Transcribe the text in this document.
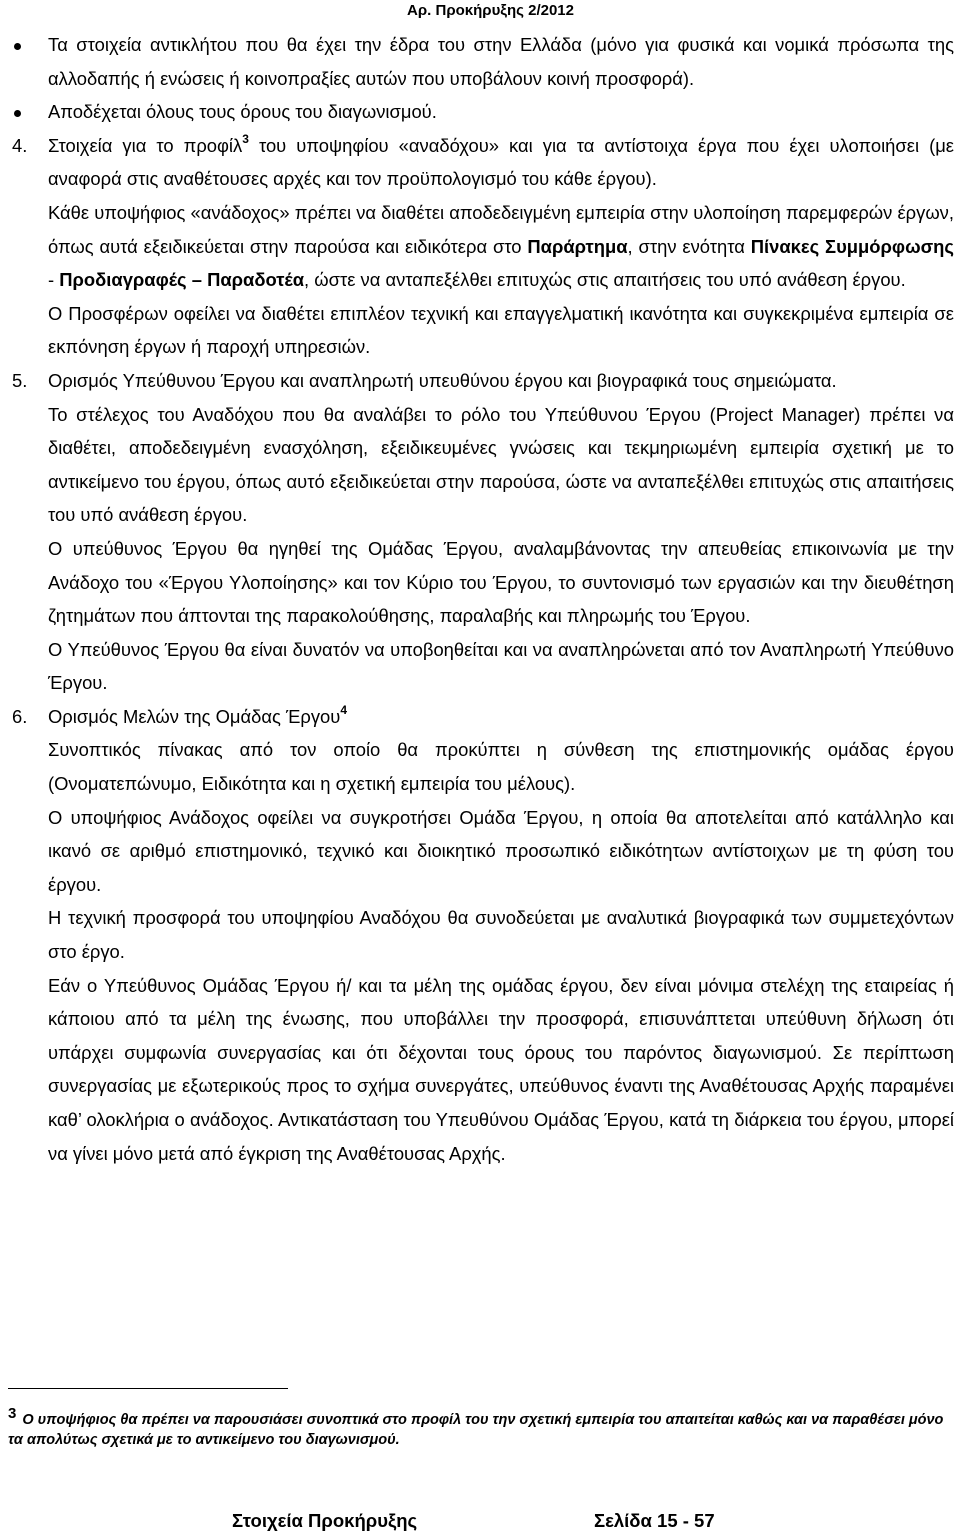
Αρ. Προκήρυξης 2/2012

Τα στοιχεία αντικλήτου που θα έχει την έδρα του στην Ελλάδα (μόνο για φυσικά και νομικά πρόσωπα της αλλοδαπής ή ενώσεις ή κοινοπραξίες αυτών που υποβάλουν κοινή προσφορά).

Αποδέχεται όλους τους όρους του διαγωνισμού.

4. Στοιχεία για το προφίλ$^3$ του υποψηφίου «αναδόχου» και για τα αντίστοιχα έργα που έχει υλοποιήσει (με αναφορά στις αναθέτουσες αρχές και τον προϋπολογισμό του κάθε έργου).

Κάθε υποψήφιος «ανάδοχος» πρέπει να διαθέτει αποδεδειγμένη εμπειρία στην υλοποίηση παρεμφερών έργων, όπως αυτά εξειδικεύεται στην παρούσα και ειδικότερα στο Παράρτημα, στην ενότητα Πίνακες Συμμόρφωσης - Προδιαγραφές – Παραδοτέα, ώστε να ανταπεξέλθει επιτυχώς στις απαιτήσεις του υπό ανάθεση έργου.

Ο Προσφέρων οφείλει να διαθέτει επιπλέον τεχνική και επαγγελματική ικανότητα και συγκεκριμένα εμπειρία σε εκπόνηση έργων ή παροχή υπηρεσιών.

5. Ορισμός Υπεύθυνου Έργου και αναπληρωτή υπευθύνου έργου και βιογραφικά τους σημειώματα.

Το στέλεχος του Αναδόχου που θα αναλάβει το ρόλο του Υπεύθυνου Έργου (Project Manager) πρέπει να διαθέτει, αποδεδειγμένη ενασχόληση, εξειδικευμένες γνώσεις και τεκμηριωμένη εμπειρία σχετική με το αντικείμενο του έργου, όπως αυτό εξειδικεύεται στην παρούσα, ώστε να ανταπεξέλθει επιτυχώς στις απαιτήσεις του υπό ανάθεση έργου.

Ο υπεύθυνος Έργου θα ηγηθεί της Ομάδας Έργου, αναλαμβάνοντας την απευθείας επικοινωνία με την Ανάδοχο του «Έργου Υλοποίησης» και τον Κύριο του Έργου, το συντονισμό των εργασιών και την διευθέτηση ζητημάτων που άπτονται της παρακολούθησης, παραλαβής και πληρωμής του Έργου.

Ο Υπεύθυνος Έργου θα είναι δυνατόν να υποβοηθείται και να αναπληρώνεται από τον Αναπληρωτή Υπεύθυνο Έργου.

6. Ορισμός Μελών της Ομάδας Έργου$^4$

Συνοπτικός πίνακας από τον οποίο θα προκύπτει η σύνθεση της επιστημονικής ομάδας έργου (Ονοματεπώνυμο, Ειδικότητα και η σχετική εμπειρία του μέλους).

Ο υποψήφιος Ανάδοχος οφείλει να συγκροτήσει Ομάδα Έργου, η οποία θα αποτελείται από κατάλληλο και ικανό σε αριθμό επιστημονικό, τεχνικό και διοικητικό προσωπικό ειδικότητων αντίστοιχων με τη φύση του έργου.

Η τεχνική προσφορά του υποψηφίου Αναδόχου θα συνοδεύεται με αναλυτικά βιογραφικά των συμμετεχόντων στο έργο.

Εάν ο Υπεύθυνος Ομάδας Έργου ή/ και τα μέλη της ομάδας έργου, δεν είναι μόνιμα στελέχη της εταιρείας ή κάποιου από τα μέλη της ένωσης, που υποβάλλει την προσφορά, επισυνάπτεται υπεύθυνη δήλωση ότι υπάρχει συμφωνία συνεργασίας και ότι δέχονται τους όρους του παρόντος διαγωνισμού. Σε περίπτωση συνεργασίας με εξωτερικούς προς το σχήμα συνεργάτες, υπεύθυνος έναντι της Αναθέτουσας Αρχής παραμένει καθ’ ολοκλήρια ο ανάδοχος. Αντικατάσταση του Υπευθύνου Ομάδας Έργου, κατά τη διάρκεια του έργου, μπορεί να γίνει μόνο μετά από έγκριση της Αναθέτουσας Αρχής.

3 Ο υποψήφιος θα πρέπει να παρουσιάσει συνοπτικά στο προφίλ του την σχετική εμπειρία του απαιτείται καθώς και να παραθέσει μόνο τα απολύτως σχετικά με το αντικείμενο του διαγωνισμού.
Στοιχεία Προκήρυξης	Σελίδα 15 - 57
